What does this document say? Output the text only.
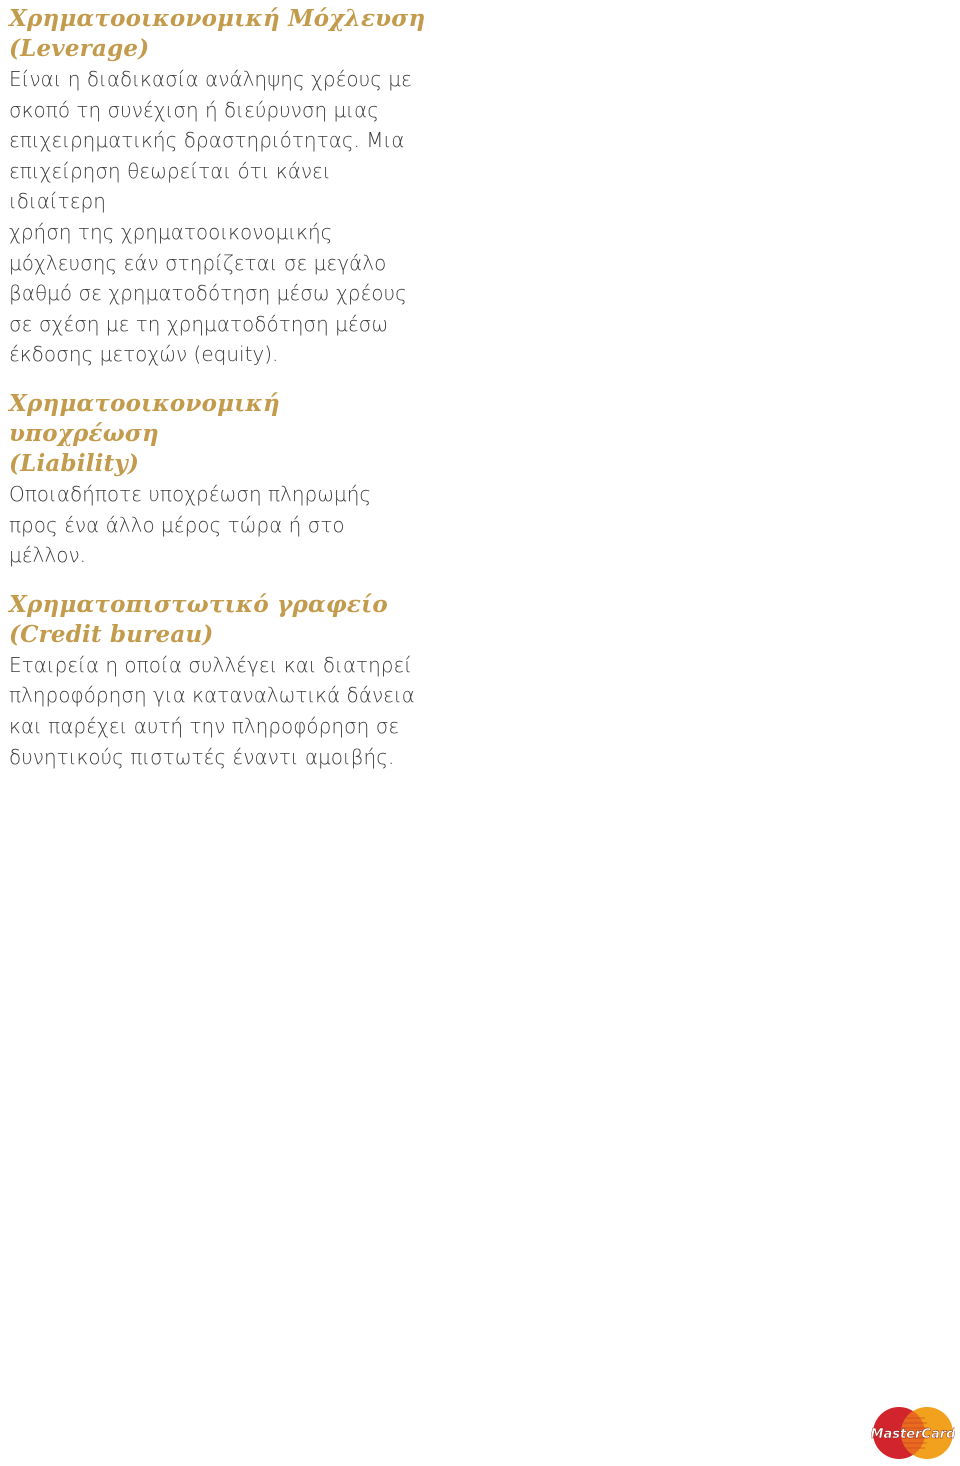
Χρηματοοικονομική Μόχλευση
(Leverage)

Είναι η διαδικασία ανάληψης χρέους με
σκοπό τη συνέχιση ή διεύρυνση μιας
επιχειρηματικής δραστηριότητας. Μια
επιχείρηση θεωρείται ότι κάνει ιδιαίτερη
χρήση της χρηματοοικονομικής
μόχλευσης εάν στηρίζεται σε μεγάλο
βαθμό σε χρηματοδότηση μέσω χρέους
σε σχέση με τη χρηματοδότηση μέσω
έκδοσης μετοχών (equity).

Χρηματοοικονομική υποχρέωση
(Liability)

Οποιαδήποτε υποχρέωση πληρωμής
προς ένα άλλο μέρος τώρα ή στο
μέλλον.

Χρηματοπιστωτικό γραφείο
(Credit bureau)

Εταιρεία η οποία συλλέγει και διατηρεί
πληροφόρηση για καταναλωτικά δάνεια
και παρέχει αυτή την πληροφόρηση σε
δυνητικούς πιστωτές έναντι αμοιβής.

MasterCard
